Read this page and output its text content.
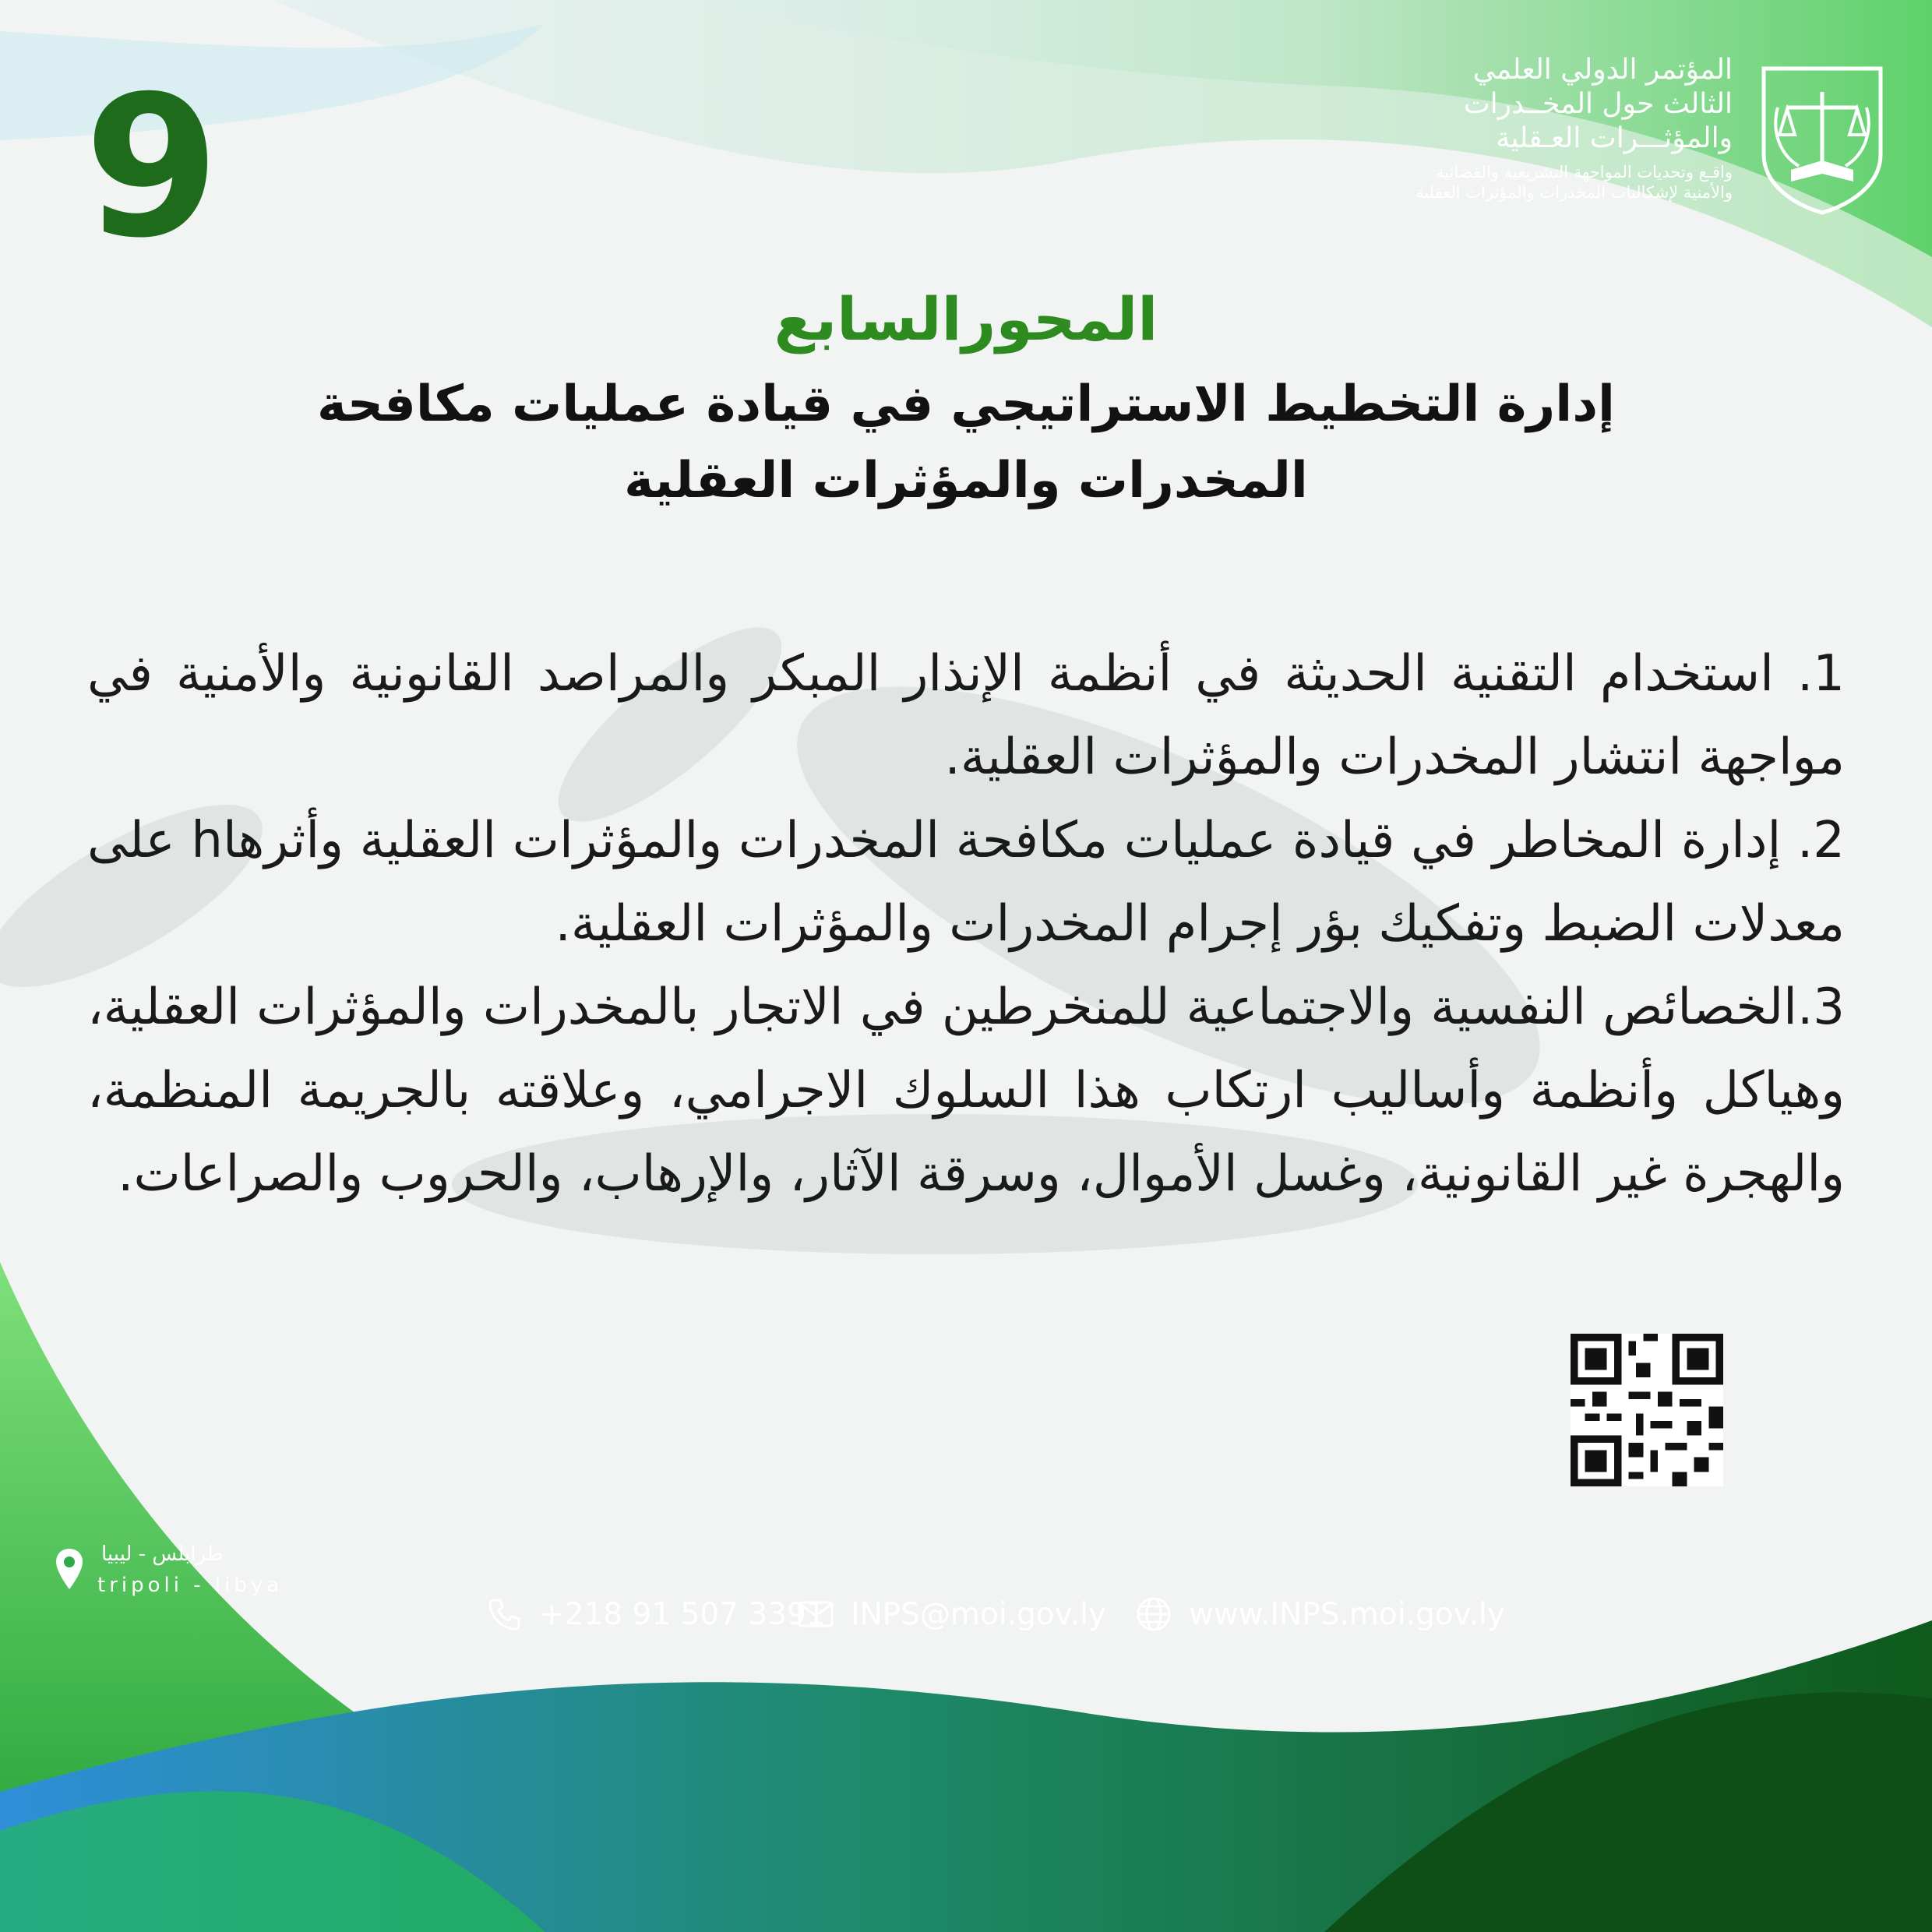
المؤتمر الدولي العلمي
الثالث حول المخــدرات
والمؤثـــرات العـقلية
واقـع وتحديات المواجهة التشريعية والقضائية
والأمنية لإشكاليات المخدرات والمؤثرات العقلية
9
المحورالسابع
إدارة التخطيط الاستراتيجي في قيادة عمليات مكافحة
المخدرات والمؤثرات العقلية

1. استخدام التقنية الحديثة في أنظمة الإنذار المبكر والمراصد القانونية والأمنية في مواجهة انتشار المخدرات والمؤثرات العقلية.

2. إدارة المخاطر في قيادة عمليات مكافحة المخدرات والمؤثرات العقلية وأثرهاh على معدلات الضبط وتفكيك بؤر إجرام المخدرات والمؤثرات العقلية.

3.الخصائص النفسية والاجتماعية للمنخرطين في الاتجار بالمخدرات والمؤثرات العقلية، وهياكل وأنظمة وأساليب ارتكاب هذا السلوك الاجرامي، وعلاقته بالجريمة المنظمة، والهجرة غير القانونية، وغسل الأموال، وسرقة الآثار، والإرهاب، والحروب والصراعات.

طرابلس - ليبيا
tripoli - libya
+218 91 507 3391 INPS@moi.gov.ly	www.INPS.moi.gov.ly
